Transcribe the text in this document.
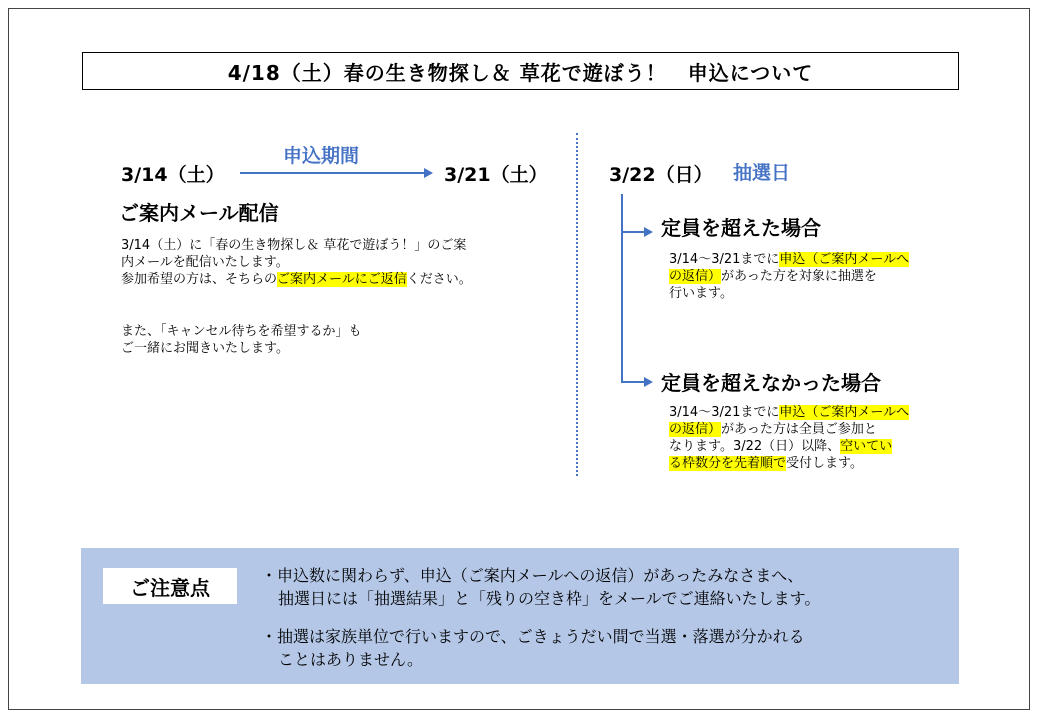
4/18（土）春の生き物探し＆ 草花で遊ぼう！　申込について
3/14（土）
申込期間
3/21（土）
ご案内メール配信
3/14（土）に「春の生き物探し＆ 草花で遊ぼう！」のご案
内メールを配信いたします。
参加希望の方は、そちらのご案内メールにご返信ください。
また、「キャンセル待ちを希望するか」も
ご一緒にお聞きいたします。
3/22（日） 抽選日
定員を超えた場合
3/14～3/21までに申込（ご案内メールへ
の返信）があった方を対象に抽選を
行います。
定員を超えなかった場合
3/14～3/21までに申込（ご案内メールへ
の返信）があった方は全員ご参加と
なります。3/22（日）以降、空いてい
る枠数分を先着順で受付します。
ご注意点	・申込数に関わらず、申込（ご案内メールへの返信）があったみなさまへ、
抽選日には「抽選結果」と「残りの空き枠」をメールでご連絡いたします。
・抽選は家族単位で行いますので、ごきょうだい間で当選・落選が分かれる
ことはありません。
